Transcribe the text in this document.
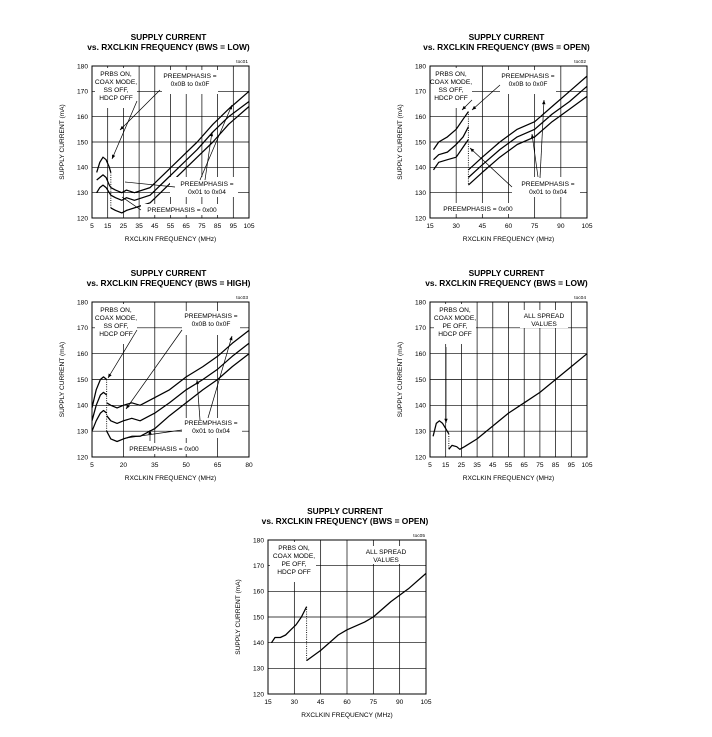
SUPPLY CURRENT
vs. RXCLKIN FREQUENCY (BWS = LOW)
toc01
5 15 25 35 45 55 65 75 85 95 105
120
130
140
150
160
170
180
RXCLKIN FREQUENCY (MHz)
SUPPLY CURRENT (mA)
PRBS ON,
COAX MODE,
SS OFF,
HDCP OFF
PREEMPHASIS =
0x0B to 0x0F
PREEMPHASIS =
0x01 to 0x04
PREEMPHASIS = 0x00
SUPPLY CURRENT
vs. RXCLKIN FREQUENCY (BWS = OPEN)
toc02
15	30	45	60	75	90	105
120
130
140
150
160
170
180
RXCLKIN FREQUENCY (MHz)
SUPPLY CURRENT (mA)
PRBS ON,
COAX MODE,
SS OFF,
HDCP OFF
PREEMPHASIS =
0x0B to 0x0F
PREEMPHASIS =
0x01 to 0x04
PREEMPHASIS = 0x00
SUPPLY CURRENT
vs. RXCLKIN FREQUENCY (BWS = HIGH)
toc03
5	20	35	50	65	80
120
130
140
150
160
170
180
RXCLKIN FREQUENCY (MHz)
SUPPLY CURRENT (mA)
PRBS ON,
COAX MODE,
SS OFF,
HDCP OFF
PREEMPHASIS =
0x0B to 0x0F
PREEMPHASIS =
0x01 to 0x04
PREEMPHASIS = 0x00
SUPPLY CURRENT
vs. RXCLKIN FREQUENCY (BWS = LOW)
toc04
5 15 25 35 45 55 65 75 85 95 105
120
130
140
150
160
170
180
RXCLKIN FREQUENCY (MHz)
SUPPLY CURRENT (mA)
PRBS ON,
COAX MODE,
PE OFF,
HDCP OFF
ALL SPREAD
VALUES
SUPPLY CURRENT
vs. RXCLKIN FREQUENCY (BWS = OPEN)
toc05
15	30	45	60	75	90	105
120
130
140
150
160
170
180
RXCLKIN FREQUENCY (MHz)
SUPPLY CURRENT (mA)
PRBS ON,
COAX MODE,
PE OFF,
HDCP OFF
ALL SPREAD
VALUES
